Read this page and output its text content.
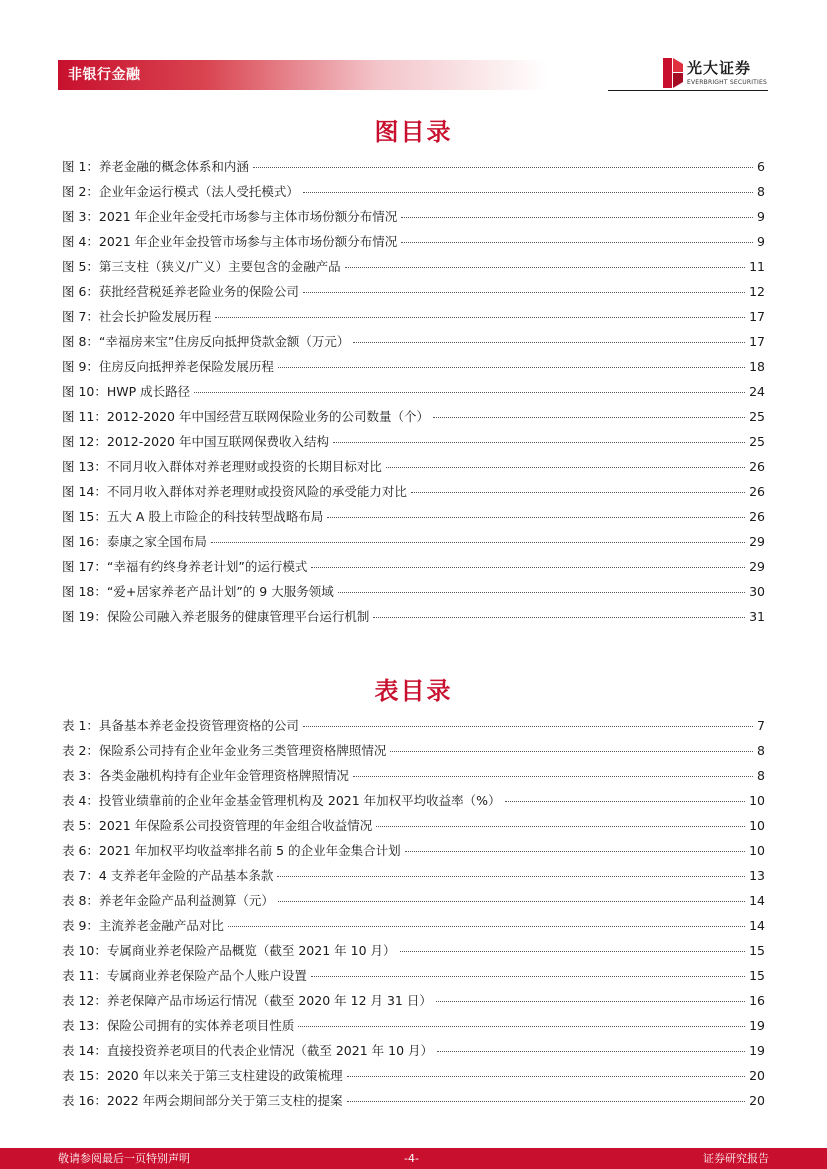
非银行金融	光大证券
EVERBRIGHT SECURITIES
图目录
图 1：养老金融的概念体系和内涵	6
图 2：企业年金运行模式（法人受托模式）	8
图 3：2021 年企业年金受托市场参与主体市场份额分布情况	9
图 4：2021 年企业年金投管市场参与主体市场份额分布情况	9
图 5：第三支柱（狭义/广义）主要包含的金融产品	11
图 6：获批经营税延养老险业务的保险公司	12
图 7：社会长护险发展历程	17
图 8：“幸福房来宝”住房反向抵押贷款金额（万元）	17
图 9：住房反向抵押养老保险发展历程	18
图 10：HWP 成长路径	24
图 11：2012-2020 年中国经营互联网保险业务的公司数量（个）	25
图 12：2012-2020 年中国互联网保费收入结构	25
图 13：不同月收入群体对养老理财或投资的长期目标对比	26
图 14：不同月收入群体对养老理财或投资风险的承受能力对比	26
图 15：五大 A 股上市险企的科技转型战略布局	26
图 16：泰康之家全国布局	29
图 17：“幸福有约终身养老计划”的运行模式	29
图 18：“爱+居家养老产品计划”的 9 大服务领域	30
图 19：保险公司融入养老服务的健康管理平台运行机制	31
表目录
表 1：具备基本养老金投资管理资格的公司	7
表 2：保险系公司持有企业年金业务三类管理资格牌照情况	8
表 3：各类金融机构持有企业年金管理资格牌照情况	8
表 4：投管业绩靠前的企业年金基金管理机构及 2021 年加权平均收益率（%）	10
表 5：2021 年保险系公司投资管理的年金组合收益情况	10
表 6：2021 年加权平均收益率排名前 5 的企业年金集合计划	10
表 7：4 支养老年金险的产品基本条款	13
表 8：养老年金险产品利益测算（元）	14
表 9：主流养老金融产品对比	14
表 10：专属商业养老保险产品概览（截至 2021 年 10 月）	15
表 11：专属商业养老保险产品个人账户设置	15
表 12：养老保障产品市场运行情况（截至 2020 年 12 月 31 日）	16
表 13：保险公司拥有的实体养老项目性质	19
表 14：直接投资养老项目的代表企业情况（截至 2021 年 10 月）	19
表 15：2020 年以来关于第三支柱建设的政策梳理	20
表 16：2022 年两会期间部分关于第三支柱的提案	20
敬请参阅最后一页特别声明	-4-	证券研究报告
